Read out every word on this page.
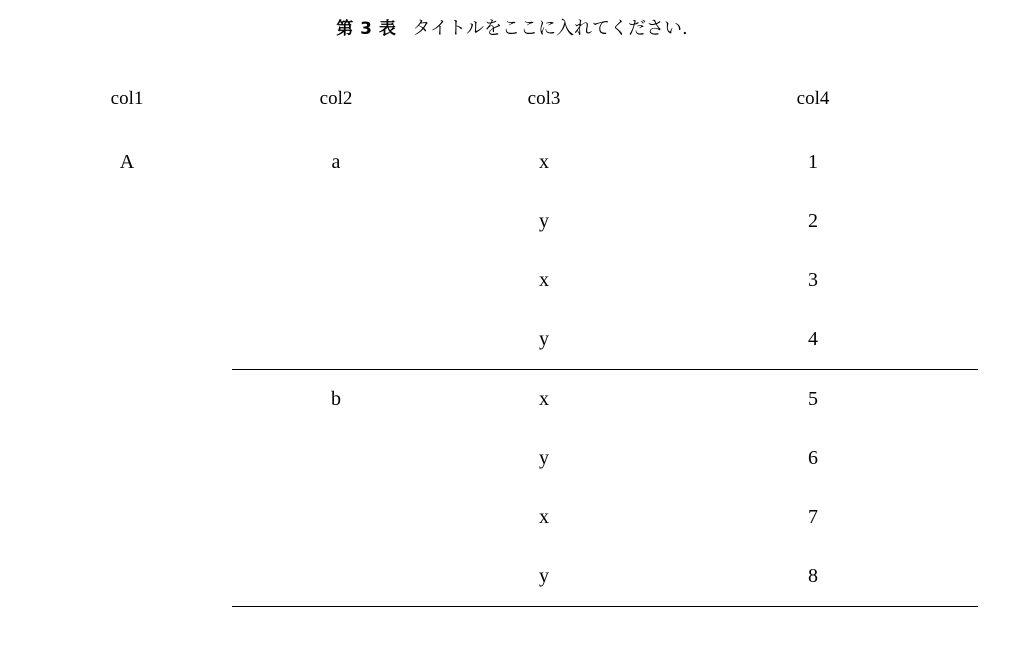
第 3 表 タイトルをここに入れてください.

col1	col2	col3	col4

A	a	x	1
		y	2
		x	3
		y	4

	b	x	5
		y	6
		x	7
		y	8
